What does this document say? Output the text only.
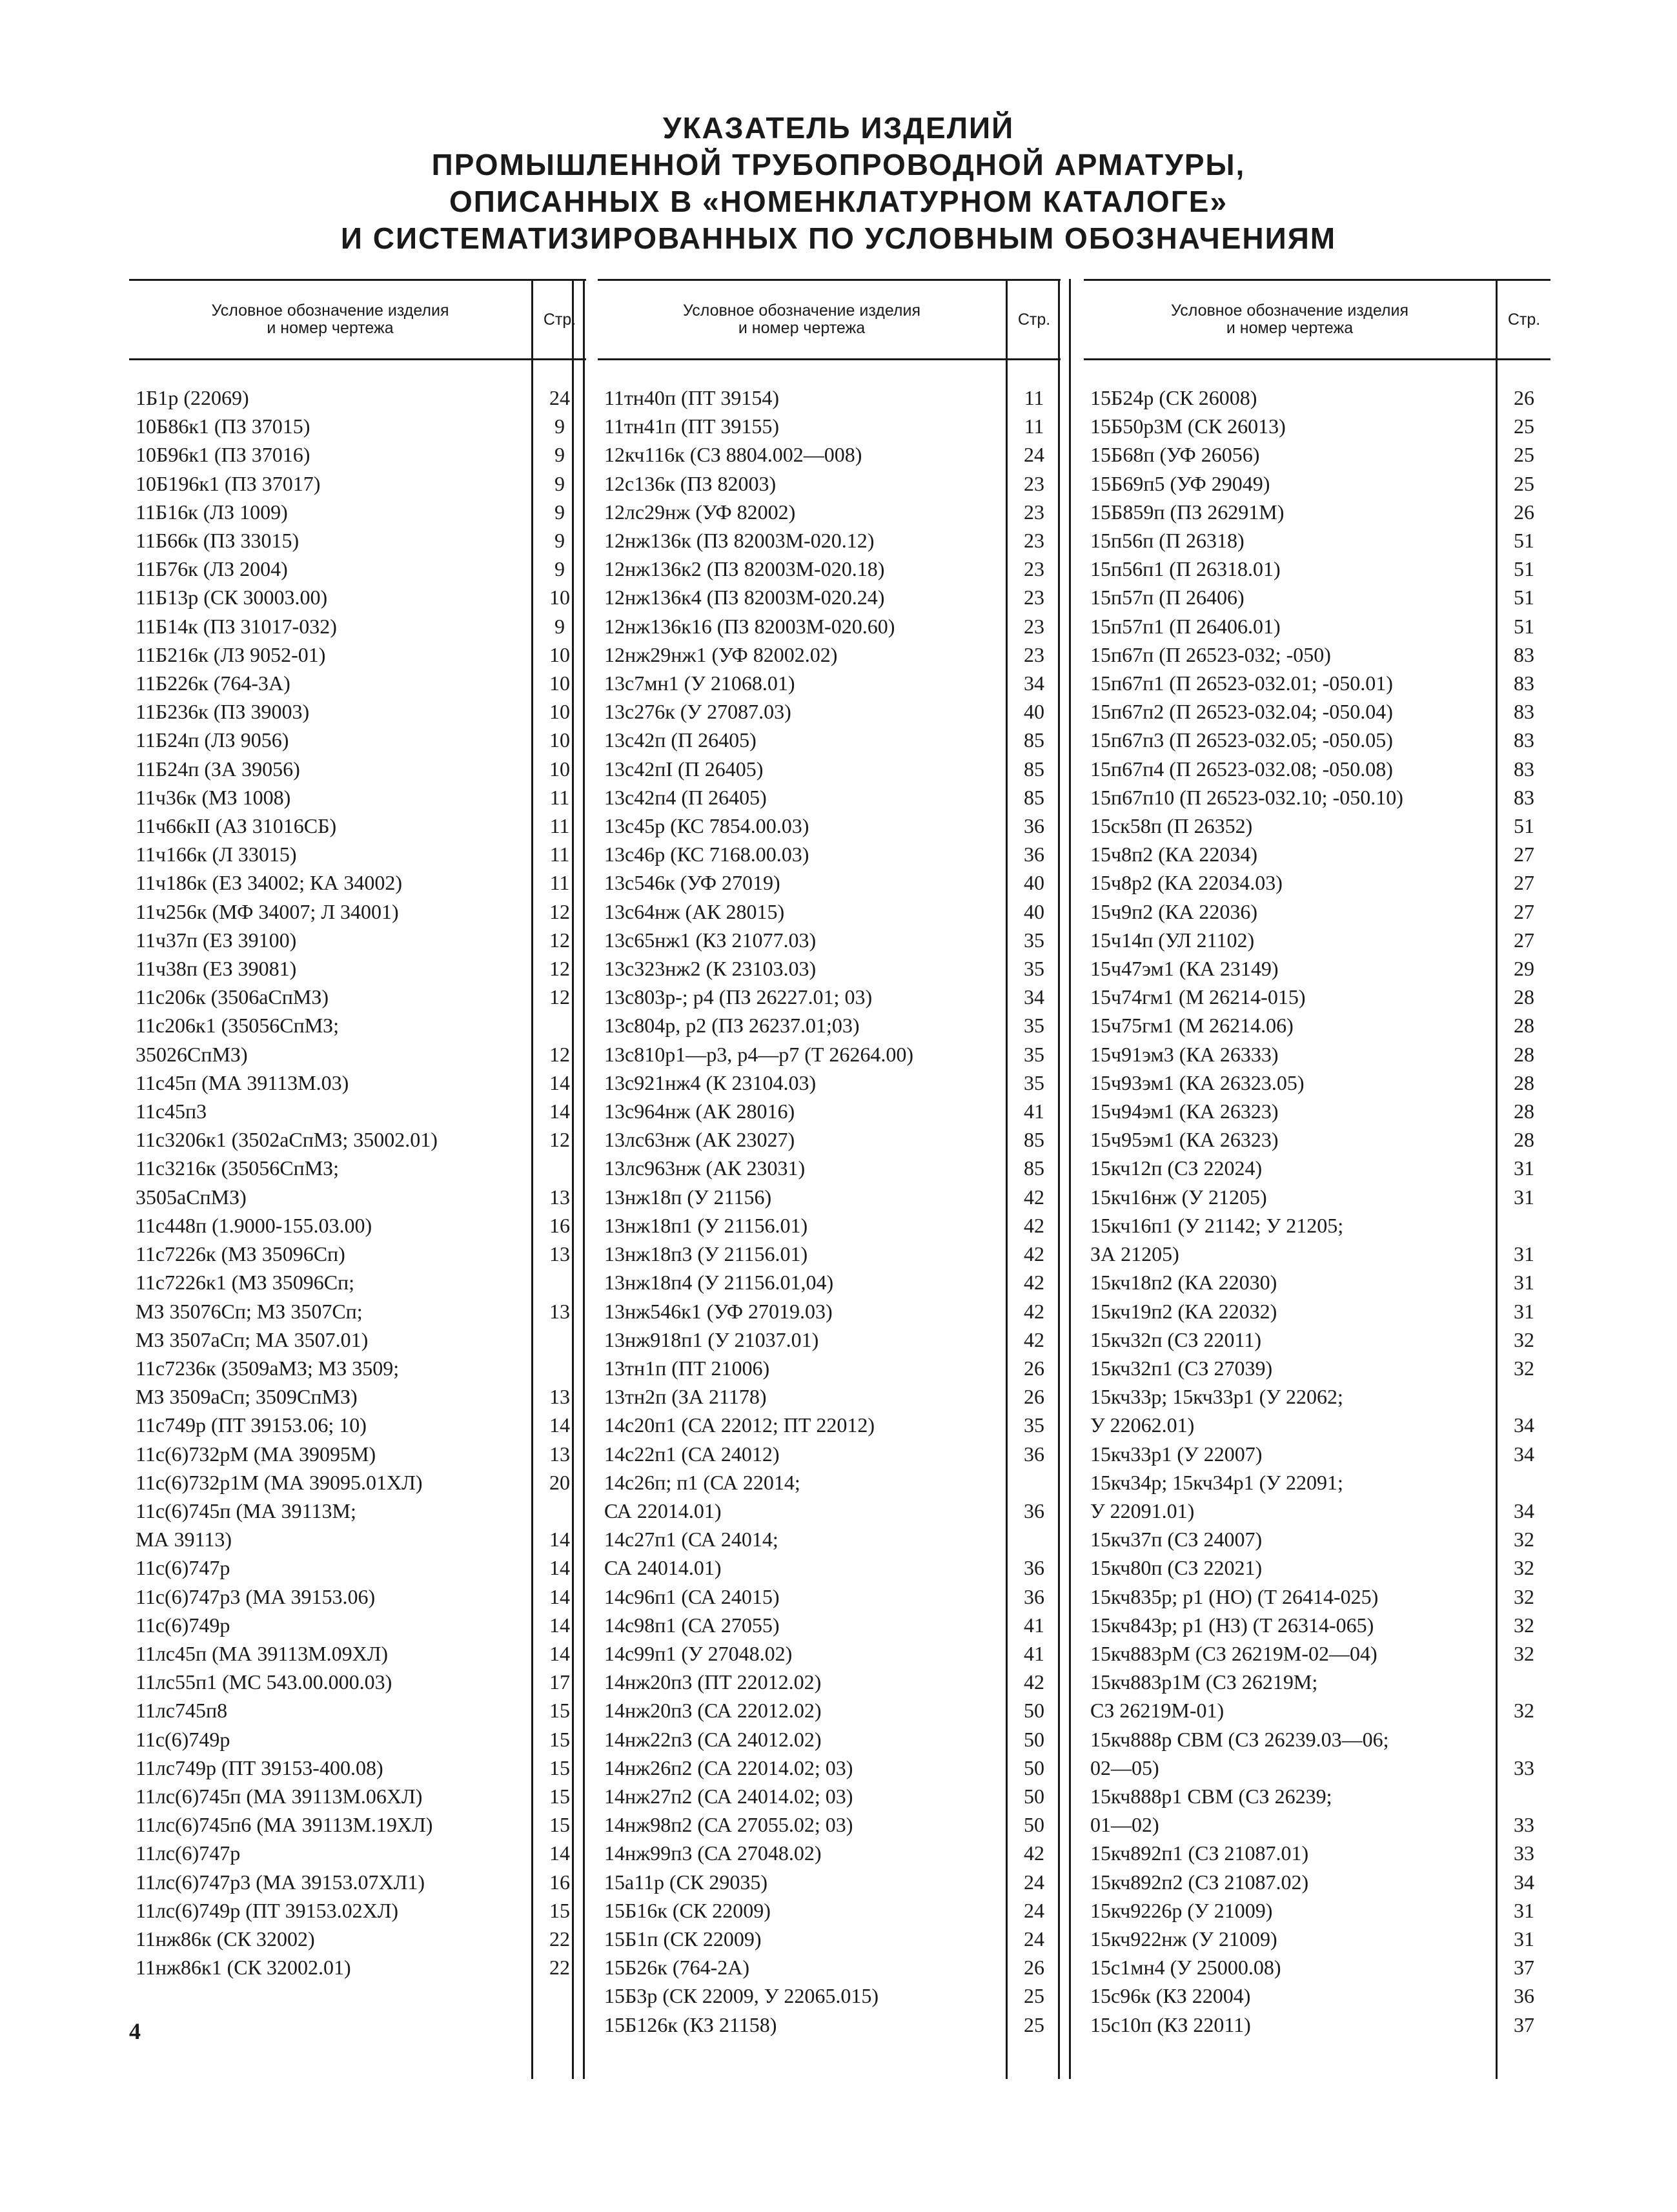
УКАЗАТЕЛЬ ИЗДЕЛИЙ
ПРОМЫШЛЕННОЙ ТРУБОПРОВОДНОЙ АРМАТУРЫ,
ОПИСАННЫХ В «НОМЕНКЛАТУРНОМ КАТАЛОГЕ»
И СИСТЕМАТИЗИРОВАННЫХ ПО УСЛОВНЫМ ОБОЗНАЧЕНИЯМ
Условное обозначение изделия
и номер чертежа	Стр.
1Б1р (22069)	24
10Б86к1 (ПЗ 37015)	9
10Б96к1 (ПЗ 37016)	9
10Б196к1 (ПЗ 37017)	9
11Б16к (ЛЗ 1009)	9
11Б66к (ПЗ 33015)	9
11Б76к (ЛЗ 2004)	9
11Б13р (СК 30003.00)	10
11Б14к (ПЗ 31017-032)	9
11Б216к (ЛЗ 9052-01)	10
11Б226к (764-3А)	10
11Б236к (ПЗ 39003)	10
11Б24п (ЛЗ 9056)	10
11Б24п (ЗА 39056)	10
11ч36к (МЗ 1008)	11
11ч66кII (АЗ 31016СБ)	11
11ч166к (Л 33015)	11
11ч186к (ЕЗ 34002; КА 34002)	11
11ч256к (МФ 34007; Л 34001)	12
11ч37п (ЕЗ 39100)	12
11ч38п (ЕЗ 39081)	12
11с206к (3506аСпМЗ)	12
11с206к1 (35056СпМЗ;
35026СпМЗ)	12
11с45п (МА 39113М.03)	14
11с45п3	14
11с3206к1 (3502аСпМЗ; 35002.01)	12
11с3216к (35056СпМЗ;
3505аСпМЗ)	13
11с448п (1.9000-155.03.00)	16
11с7226к (МЗ 35096Сп)	13
11с7226к1 (МЗ 35096Сп;
МЗ 35076Сп; МЗ 3507Сп;	13
МЗ 3507аСп; МА 3507.01)
11с7236к (3509аМЗ; МЗ 3509;
МЗ 3509аСп; 3509СпМЗ)	13
11с749р (ПТ 39153.06; 10)	14
11с(6)732рМ (МА 39095М)	13
11с(6)732р1М (МА 39095.01ХЛ)	20
11с(6)745п (МА 39113М;
МА 39113)	14
11с(6)747р	14
11с(6)747р3 (МА 39153.06)	14
11с(6)749р	14
11лс45п (МА 39113М.09ХЛ)	14
11лс55п1 (МС 543.00.000.03)	17
11лс745п8	15
11с(6)749р	15
11лс749р (ПТ 39153-400.08)	15
11лс(6)745п (МА 39113М.06ХЛ)	15
11лс(6)745п6 (МА 39113М.19ХЛ)	15
11лс(6)747р	14
11лс(6)747р3 (МА 39153.07ХЛ1)	16
11лс(6)749р (ПТ 39153.02ХЛ)	15
11нж86к (СК 32002)	22
11нж86к1 (СК 32002.01)	22
Условное обозначение изделия
и номер чертежа	Стр.
11тн40п (ПТ 39154)	11
11тн41п (ПТ 39155)	11
12кч116к (СЗ 8804.002—008)	24
12с136к (ПЗ 82003)	23
12лс29нж (УФ 82002)	23
12нж136к (ПЗ 82003М-020.12)	23
12нж136к2 (ПЗ 82003М-020.18)	23
12нж136к4 (ПЗ 82003М-020.24)	23
12нж136к16 (ПЗ 82003М-020.60)	23
12нж29нж1 (УФ 82002.02)	23
13с7мн1 (У 21068.01)	34
13с276к (У 27087.03)	40
13с42п (П 26405)	85
13с42пI (П 26405)	85
13с42п4 (П 26405)	85
13с45р (КС 7854.00.03)	36
13с46р (КС 7168.00.03)	36
13с546к (УФ 27019)	40
13с64нж (АК 28015)	40
13с65нж1 (КЗ 21077.03)	35
13с323нж2 (К 23103.03)	35
13с803р-; р4 (ПЗ 26227.01; 03)	34
13с804р, р2 (ПЗ 26237.01;03)	35
13с810р1—р3, р4—р7 (Т 26264.00)	35
13с921нж4 (К 23104.03)	35
13с964нж (АК 28016)	41
13лс63нж (АК 23027)	85
13лс963нж (АК 23031)	85
13нж18п (У 21156)	42
13нж18п1 (У 21156.01)	42
13нж18п3 (У 21156.01)	42
13нж18п4 (У 21156.01,04)	42
13нж546к1 (УФ 27019.03)	42
13нж918п1 (У 21037.01)	42
13тн1п (ПТ 21006)	26
13тн2п (ЗА 21178)	26
14с20п1 (СА 22012; ПТ 22012)	35
14с22п1 (СА 24012)	36
14с26п; п1 (СА 22014;
СА 22014.01)	36
14с27п1 (СА 24014;
СА 24014.01)	36
14с96п1 (СА 24015)	36
14с98п1 (СА 27055)	41
14с99п1 (У 27048.02)	41
14нж20п3 (ПТ 22012.02)	42
14нж20п3 (СА 22012.02)	50
14нж22п3 (СА 24012.02)	50
14нж26п2 (СА 22014.02; 03)	50
14нж27п2 (СА 24014.02; 03)	50
14нж98п2 (СА 27055.02; 03)	50
14нж99п3 (СА 27048.02)	42
15а11р (СК 29035)	24
15Б16к (СК 22009)	24
15Б1п (СК 22009)	24
15Б26к (764-2А)	26
15Б3р (СК 22009, У 22065.015)	25
15Б126к (КЗ 21158)	25
Условное обозначение изделия
и номер чертежа	Стр.
15Б24р (СК 26008)	26
15Б50р3М (СК 26013)	25
15Б68п (УФ 26056)	25
15Б69п5 (УФ 29049)	25
15Б859п (ПЗ 26291М)	26
15п56п (П 26318)	51
15п56п1 (П 26318.01)	51
15п57п (П 26406)	51
15п57п1 (П 26406.01)	51
15п67п (П 26523-032; -050)	83
15п67п1 (П 26523-032.01; -050.01)	83
15п67п2 (П 26523-032.04; -050.04)	83
15п67п3 (П 26523-032.05; -050.05)	83
15п67п4 (П 26523-032.08; -050.08)	83
15п67п10 (П 26523-032.10; -050.10)	83
15ск58п (П 26352)	51
15ч8п2 (КА 22034)	27
15ч8р2 (КА 22034.03)	27
15ч9п2 (КА 22036)	27
15ч14п (УЛ 21102)	27
15ч47эм1 (КА 23149)	29
15ч74гм1 (М 26214-015)	28
15ч75гм1 (М 26214.06)	28
15ч91эм3 (КА 26333)	28
15ч93эм1 (КА 26323.05)	28
15ч94эм1 (КА 26323)	28
15ч95эм1 (КА 26323)	28
15кч12п (СЗ 22024)	31
15кч16нж (У 21205)	31
15кч16п1 (У 21142; У 21205;
ЗА 21205)	31
15кч18п2 (КА 22030)	31
15кч19п2 (КА 22032)	31
15кч32п (СЗ 22011)	32
15кч32п1 (СЗ 27039)	32
15кч33р; 15кч33р1 (У 22062;
У 22062.01)	34
15кч33р1 (У 22007)	34
15кч34р; 15кч34р1 (У 22091;
У 22091.01)	34
15кч37п (СЗ 24007)	32
15кч80п (СЗ 22021)	32
15кч835р; р1 (НО) (Т 26414-025)	32
15кч843р; р1 (НЗ) (Т 26314-065)	32
15кч883рМ (СЗ 26219М-02—04)	32
15кч883р1М (СЗ 26219М;
СЗ 26219М-01)	32
15кч888р СВМ (СЗ 26239.03—06;
02—05)	33
15кч888р1 СВМ (СЗ 26239;
01—02)	33
15кч892п1 (СЗ 21087.01)	33
15кч892п2 (СЗ 21087.02)	34
15кч9226р (У 21009)	31
15кч922нж (У 21009)	31
15с1мн4 (У 25000.08)	37
15с96к (КЗ 22004)	36
15с10п (КЗ 22011)	37
4
